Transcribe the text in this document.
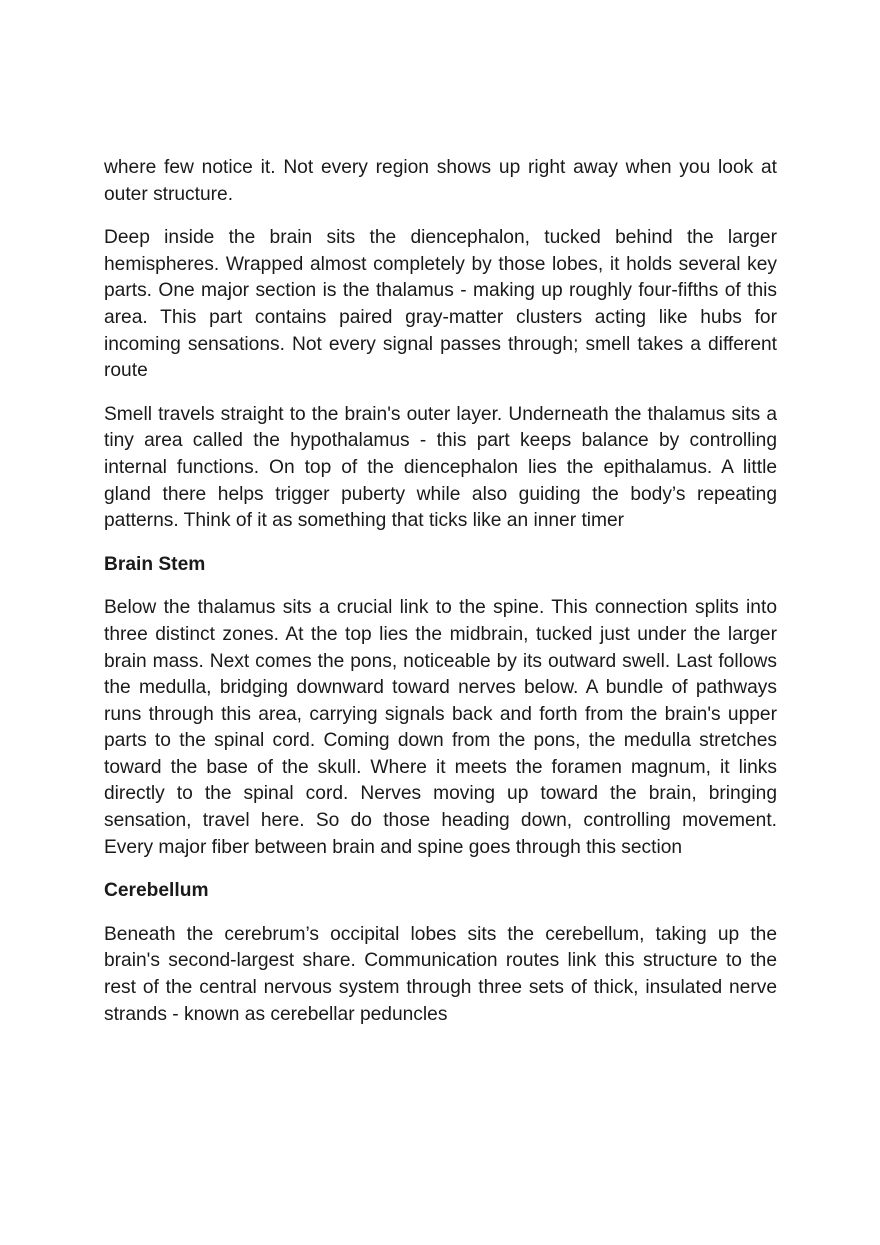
where few notice it. Not every region shows up right away when you look at outer structure.

Deep inside the brain sits the diencephalon, tucked behind the larger hemispheres. Wrapped almost completely by those lobes, it holds several key parts. One major section is the thalamus - making up roughly four-fifths of this area. This part contains paired gray-matter clusters acting like hubs for incoming sensations. Not every signal passes through; smell takes a different route

Smell travels straight to the brain's outer layer. Underneath the thalamus sits a tiny area called the hypothalamus - this part keeps balance by controlling internal functions. On top of the diencephalon lies the epithalamus. A little gland there helps trigger puberty while also guiding the body’s repeating patterns. Think of it as something that ticks like an inner timer

Brain Stem

Below the thalamus sits a crucial link to the spine. This connection splits into three distinct zones. At the top lies the midbrain, tucked just under the larger brain mass. Next comes the pons, noticeable by its outward swell. Last follows the medulla, bridging downward toward nerves below. A bundle of pathways runs through this area, carrying signals back and forth from the brain's upper parts to the spinal cord. Coming down from the pons, the medulla stretches toward the base of the skull. Where it meets the foramen magnum, it links directly to the spinal cord. Nerves moving up toward the brain, bringing sensation, travel here. So do those heading down, controlling movement. Every major fiber between brain and spine goes through this section

Cerebellum

Beneath the cerebrum’s occipital lobes sits the cerebellum, taking up the brain's second-largest share. Communication routes link this structure to the rest of the central nervous system through three sets of thick, insulated nerve strands - known as cerebellar peduncles
